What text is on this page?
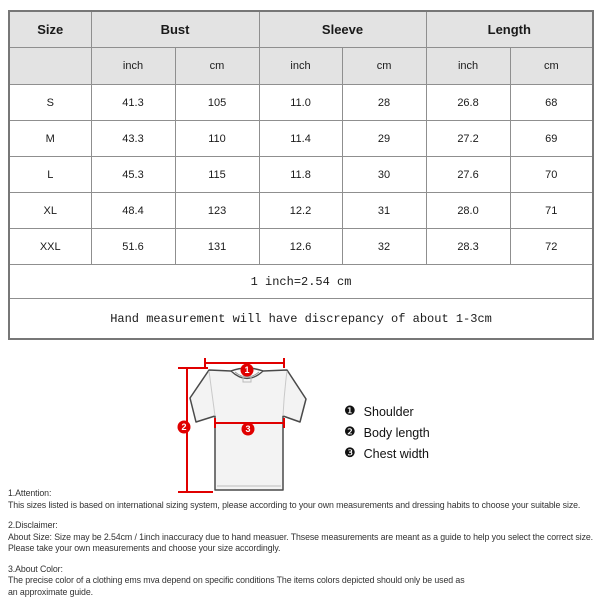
Size	Bust		Sleeve		Length	
	inch	cm	inch	cm	inch	cm
S	41.3	105	11.0	28	26.8	68
M	43.3	110	11.4	29	27.2	69
L	45.3	115	11.8	30	27.6	70
XL	48.4	123	12.2	31	28.0	71
XXL	51.6	131	12.6	32	28.3	72
1 inch=2.54 cm						
Hand measurement will have discrepancy of about 1-3cm						
1
2	3
❶ Shoulder
❷ Body length
❸ Chest width

1.Attention:

This sizes listed is based on international sizing system, please according to your own measurements and dressing habits to choose your suitable size.

2.Disclaimer:

About Size: Size may be 2.54cm / 1inch inaccuracy due to hand measuer. Thsese measurements are meant as a guide to help you select the correct size.

Please take your own measurements and choose your size accordingly.

3.About Color:

The precise color of a clothing ems mva depend on specific conditions The items colors depicted should only be used as

an approximate guide.
